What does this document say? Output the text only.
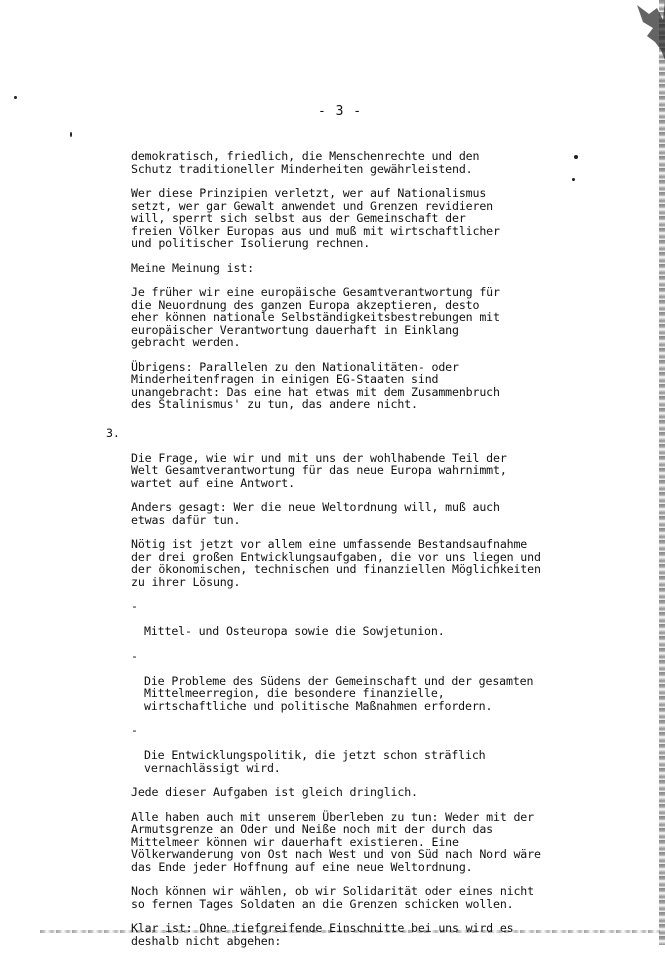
- 3 -

demokratisch, friedlich, die Menschenrechte und den
Schutz traditioneller Minderheiten gewährleistend.

Wer diese Prinzipien verletzt, wer auf Nationalismus
setzt, wer gar Gewalt anwendet und Grenzen revidieren
will, sperrt sich selbst aus der Gemeinschaft der
freien Völker Europas aus und muß mit wirtschaftlicher
und politischer Isolierung rechnen.

Meine Meinung ist:

Je früher wir eine europäische Gesamtverantwortung für
die Neuordnung des ganzen Europa akzeptieren, desto
eher können nationale Selbständigkeitsbestrebungen mit
europäischer Verantwortung dauerhaft in Einklang
gebracht werden.

Übrigens: Parallelen zu den Nationalitäten- oder
Minderheitenfragen in einigen EG-Staaten sind
unangebracht: Das eine hat etwas mit dem Zusammenbruch
des Stalinismus' zu tun, das andere nicht.

3.

Die Frage, wie wir und mit uns der wohlhabende Teil der
Welt Gesamtverantwortung für das neue Europa wahrnimmt,
wartet auf eine Antwort.

Anders gesagt: Wer die neue Weltordnung will, muß auch
etwas dafür tun.

Nötig ist jetzt vor allem eine umfassende Bestandsaufnahme
der drei großen Entwicklungsaufgaben, die vor uns liegen und
der ökonomischen, technischen und finanziellen Möglichkeiten
zu ihrer Lösung.

-

Mittel- und Osteuropa sowie die Sowjetunion.

-

Die Probleme des Südens der Gemeinschaft und der gesamten
Mittelmeerregion, die besondere finanzielle,
wirtschaftliche und politische Maßnahmen erfordern.

-

Die Entwicklungspolitik, die jetzt schon sträflich
vernachlässigt wird.

Jede dieser Aufgaben ist gleich dringlich.

Alle haben auch mit unserem Überleben zu tun: Weder mit der
Armutsgrenze an Oder und Neiße noch mit der durch das
Mittelmeer können wir dauerhaft existieren. Eine
Völkerwanderung von Ost nach West und von Süd nach Nord wäre
das Ende jeder Hoffnung auf eine neue Weltordnung.

Noch können wir wählen, ob wir Solidarität oder eines nicht
so fernen Tages Soldaten an die Grenzen schicken wollen.

Klar ist: Ohne tiefgreifende Einschnitte bei uns wird es
deshalb nicht abgehen:
